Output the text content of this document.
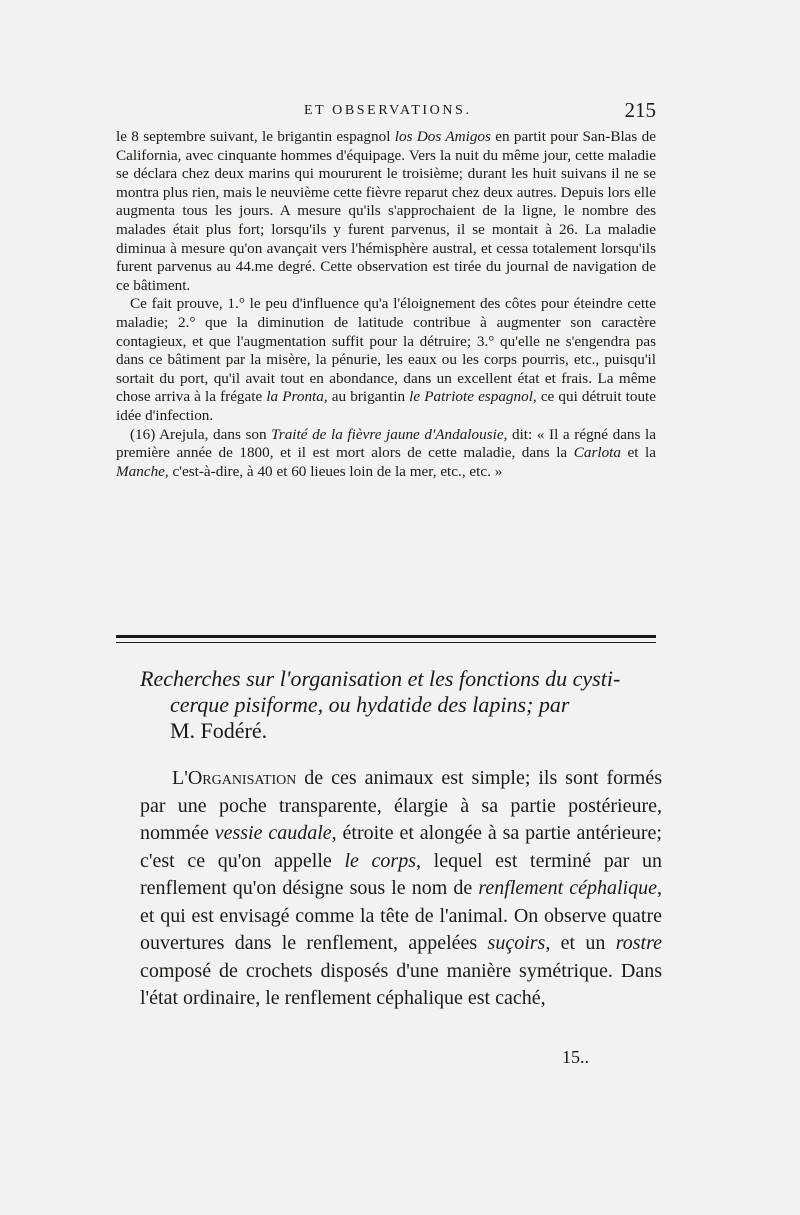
ET OBSERVATIONS.	215

le 8 septembre suivant, le brigantin espagnol los Dos Amigos en partit pour San-Blas de California, avec cinquante hommes d'équipage. Vers la nuit du même jour, cette maladie se déclara chez deux marins qui moururent le troisième; durant les huit suivans il ne se montra plus rien, mais le neuvième cette fièvre reparut chez deux autres. Depuis lors elle augmenta tous les jours. A mesure qu'ils s'approchaient de la ligne, le nombre des malades était plus fort; lorsqu'ils y furent parvenus, il se montait à 26. La maladie diminua à mesure qu'on avançait vers l'hémisphère austral, et cessa totalement lorsqu'ils furent parvenus au 44.me degré. Cette observation est tirée du journal de navigation de ce bâtiment.

Ce fait prouve, 1.° le peu d'influence qu'a l'éloignement des côtes pour éteindre cette maladie; 2.° que la diminution de latitude contribue à augmenter son caractère contagieux, et que l'augmentation suffit pour la détruire; 3.° qu'elle ne s'engendra pas dans ce bâtiment par la misère, la pénurie, les eaux ou les corps pourris, etc., puisqu'il sortait du port, qu'il avait tout en abondance, dans un excellent état et frais. La même chose arriva à la frégate la Pronta, au brigantin le Patriote espagnol, ce qui détruit toute idée d'infection.

(16) Arejula, dans son Traité de la fièvre jaune d'Andalousie, dit: « Il a régné dans la première année de 1800, et il est mort alors de cette maladie, dans la Carlota et la Manche, c'est-à-dire, à 40 et 60 lieues loin de la mer, etc., etc. »

Recherches sur l'organisation et les fonctions du cysti-
cerque pisiforme, ou hydatide des lapins; par
M. Fodéré.

L'Organisation de ces animaux est simple; ils sont formés par une poche transparente, élargie à sa partie postérieure, nommée vessie caudale, étroite et alongée à sa partie antérieure; c'est ce qu'on appelle le corps, lequel est terminé par un renflement qu'on désigne sous le nom de renflement céphalique, et qui est envisagé comme la tête de l'animal. On observe quatre ouvertures dans le renflement, appelées suçoirs, et un rostre composé de crochets disposés d'une manière symétrique. Dans l'état ordinaire, le renflement céphalique est caché,

15..
